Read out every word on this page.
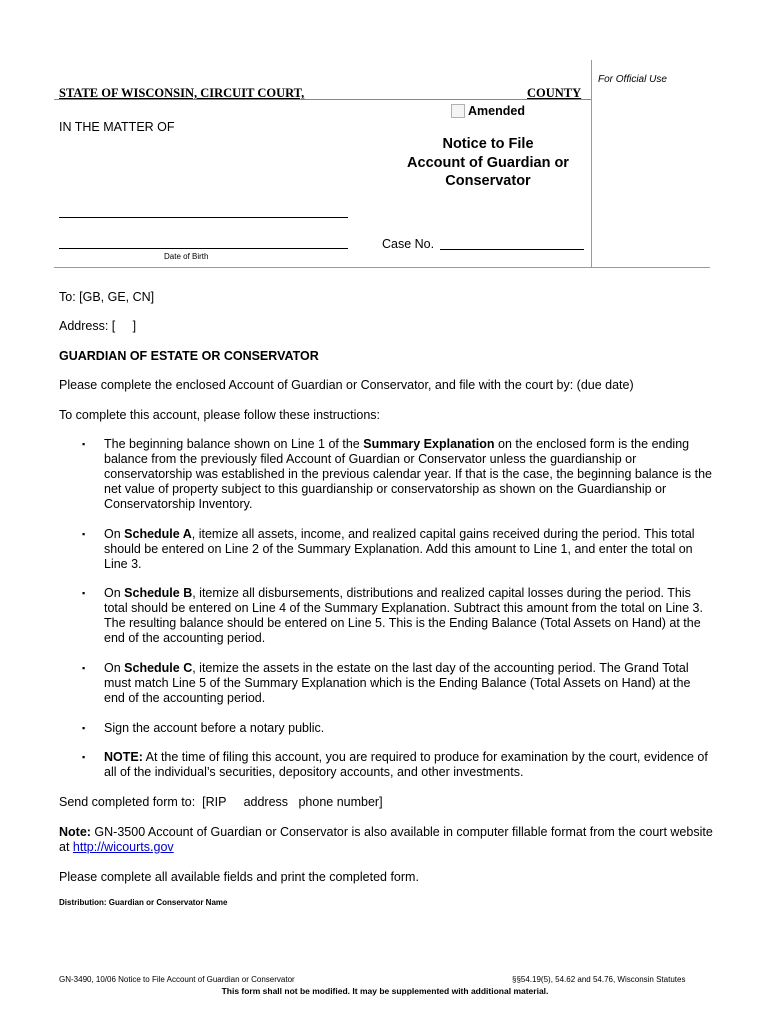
For Official Use
STATE OF WISCONSIN, CIRCUIT COURT,	COUNTY
Amended
IN THE MATTER OF
Notice to File
Account of Guardian or
Conservator
Date of Birth
Case No.
To: [GB, GE, CN]
Address: [     ]
GUARDIAN OF ESTATE OR CONSERVATOR
Please complete the enclosed Account of Guardian or Conservator, and file with the court by: (due date)
To complete this account, please follow these instructions:
▪ The beginning balance shown on Line 1 of the Summary Explanation on the enclosed form is the ending balance from the previously filed Account of Guardian or Conservator unless the guardianship or conservatorship was established in the previous calendar year. If that is the case, the beginning balance is the net value of property subject to this guardianship or conservatorship as shown on the Guardianship or Conservatorship Inventory.
▪ On Schedule A, itemize all assets, income, and realized capital gains received during the period. This total should be entered on Line 2 of the Summary Explanation. Add this amount to Line 1, and enter the total on Line 3.
▪ On Schedule B, itemize all disbursements, distributions and realized capital losses during the period. This total should be entered on Line 4 of the Summary Explanation. Subtract this amount from the total on Line 3. The resulting balance should be entered on Line 5. This is the Ending Balance (Total Assets on Hand) at the end of the accounting period.
▪ On Schedule C, itemize the assets in the estate on the last day of the accounting period. The Grand Total must match Line 5 of the Summary Explanation which is the Ending Balance (Total Assets on Hand) at the end of the accounting period.
▪ Sign the account before a notary public.
▪ NOTE: At the time of filing this account, you are required to produce for examination by the court, evidence of all of the individual’s securities, depository accounts, and other investments.
Send completed form to:  [RIP     address   phone number]
Note: GN-3500 Account of Guardian or Conservator is also available in computer fillable format from the court website at http://wicourts.gov
Please complete all available fields and print the completed form.
Distribution: Guardian or Conservator Name
GN-3490, 10/06 Notice to File Account of Guardian or Conservator	§§54.19(5), 54.62 and 54.76, Wisconsin Statutes
This form shall not be modified. It may be supplemented with additional material.
